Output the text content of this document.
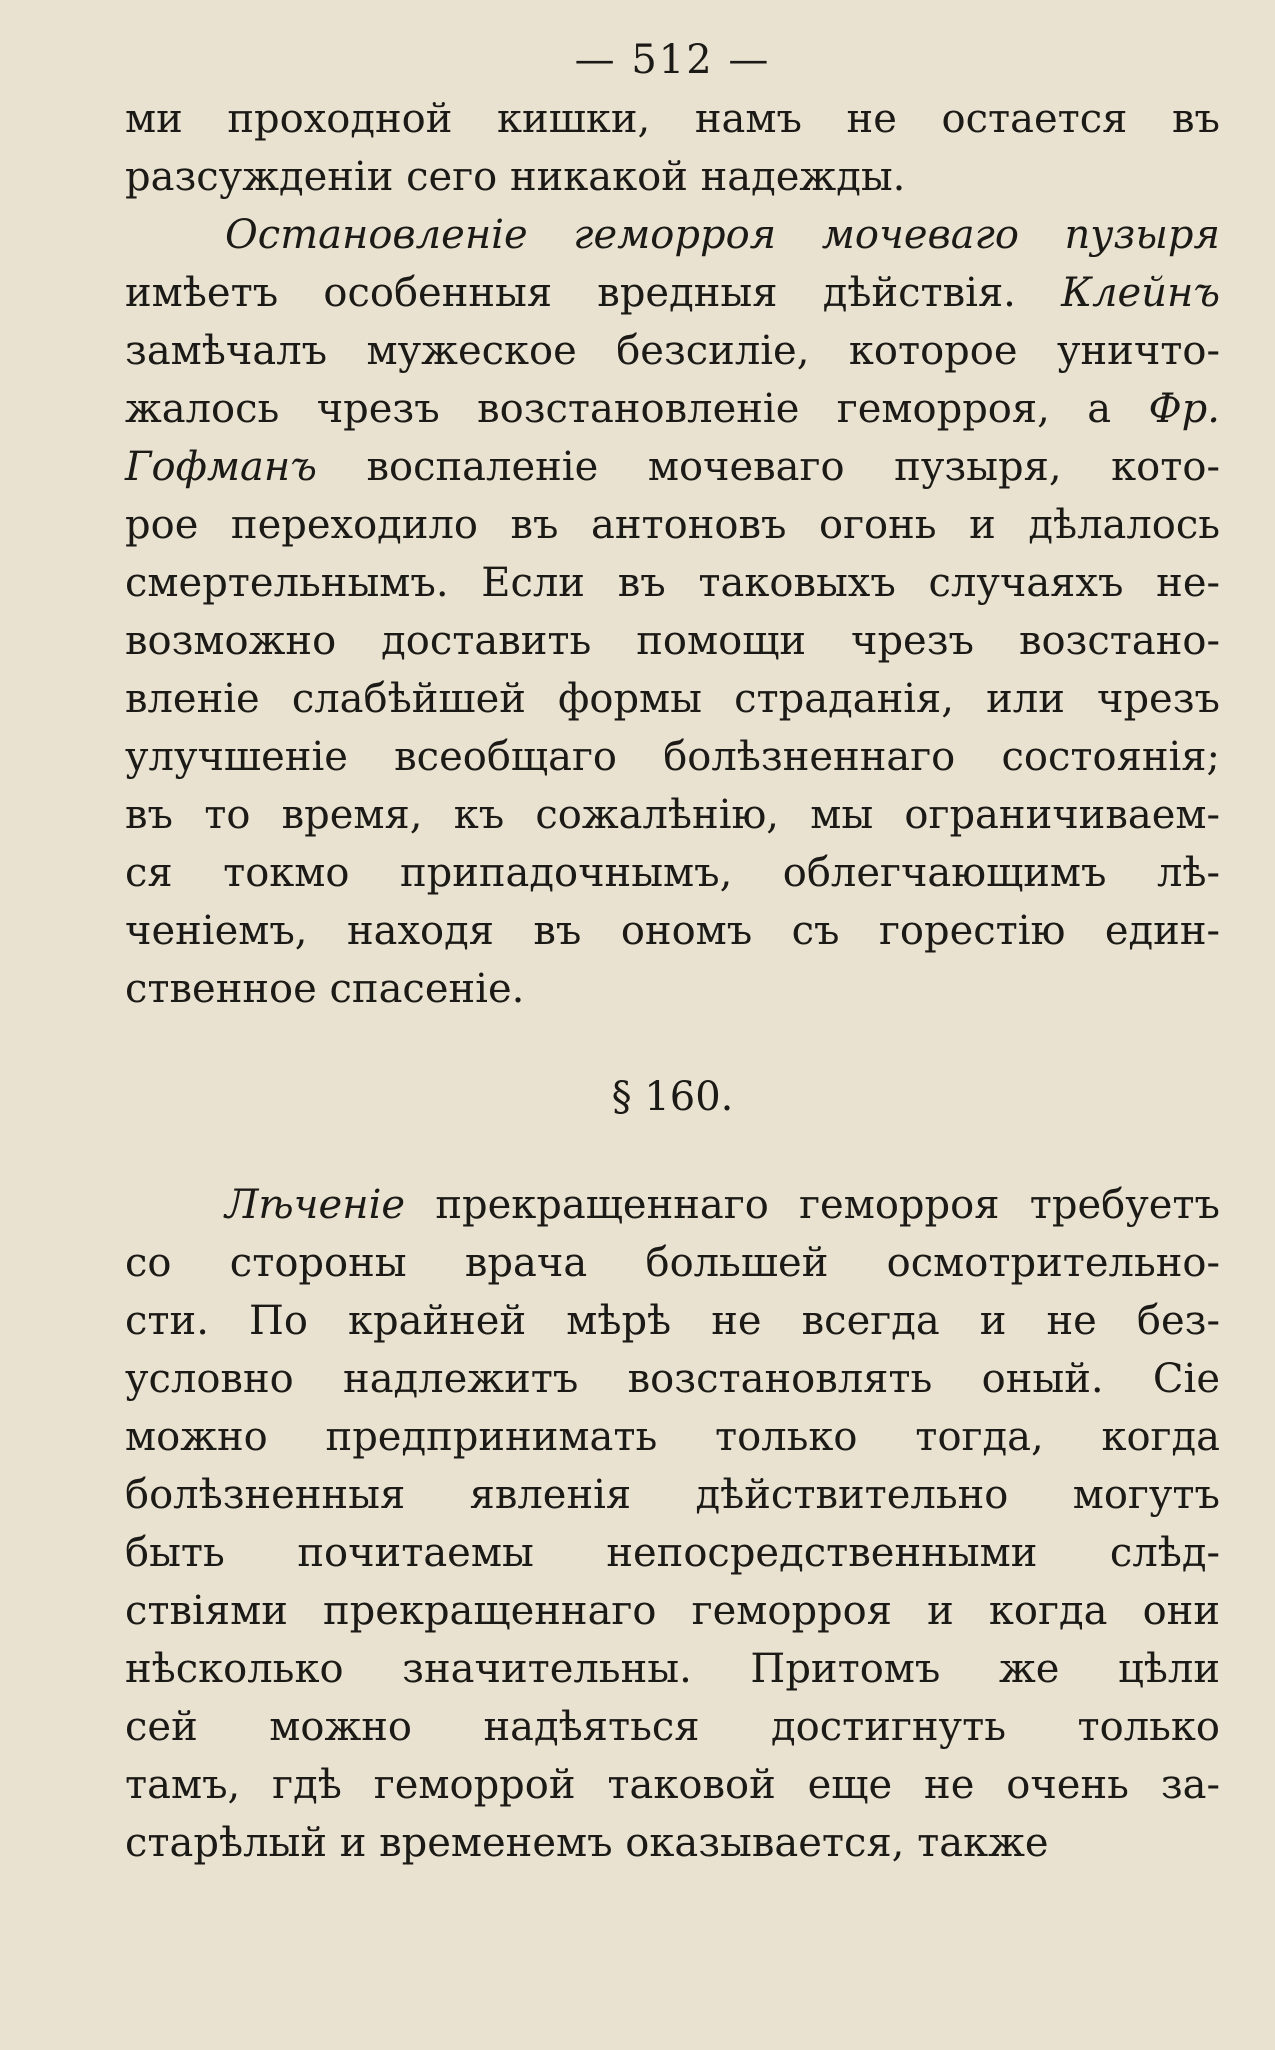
— 512 —
ми проходной кишки, намъ не остается въ
разсужденіи сего никакой надежды.
Остановленіе геморроя мочеваго пузыря
имѣетъ особенныя вредныя дѣйствія. Клейнъ
замѣчалъ мужеское безсиліе, которое уничто-
жалось чрезъ возстановленіе геморроя, а Фр.
Гофманъ воспаленіе мочеваго пузыря, кото-
рое переходило въ антоновъ огонь и дѣлалось
смертельнымъ. Если въ таковыхъ случаяхъ не-
возможно доставить помощи чрезъ возстано-
вленіе слабѣйшей формы страданія, или чрезъ
улучшеніе всеобщаго болѣзненнаго состоянія;
въ то время, къ сожалѣнію, мы ограничиваем-
ся токмо припадочнымъ, облегчающимъ лѣ-
ченіемъ, находя въ ономъ съ горестію един-
ственное спасеніе.
§ 160.
Лѣченіе прекращеннаго геморроя требуетъ
со стороны врача большей осмотрительно-
сти. По крайней мѣрѣ не всегда и не без-
условно надлежитъ возстановлять оный. Сіе
можно предпринимать только тогда, когда
болѣзненныя явленія дѣйствительно могутъ
быть почитаемы непосредственными слѣд-
ствіями прекращеннаго геморроя и когда они
нѣсколько значительны. Притомъ же цѣли
сей можно надѣяться достигнуть только
тамъ, гдѣ геморрой таковой еще не очень за-
старѣлый и временемъ оказывается, также
